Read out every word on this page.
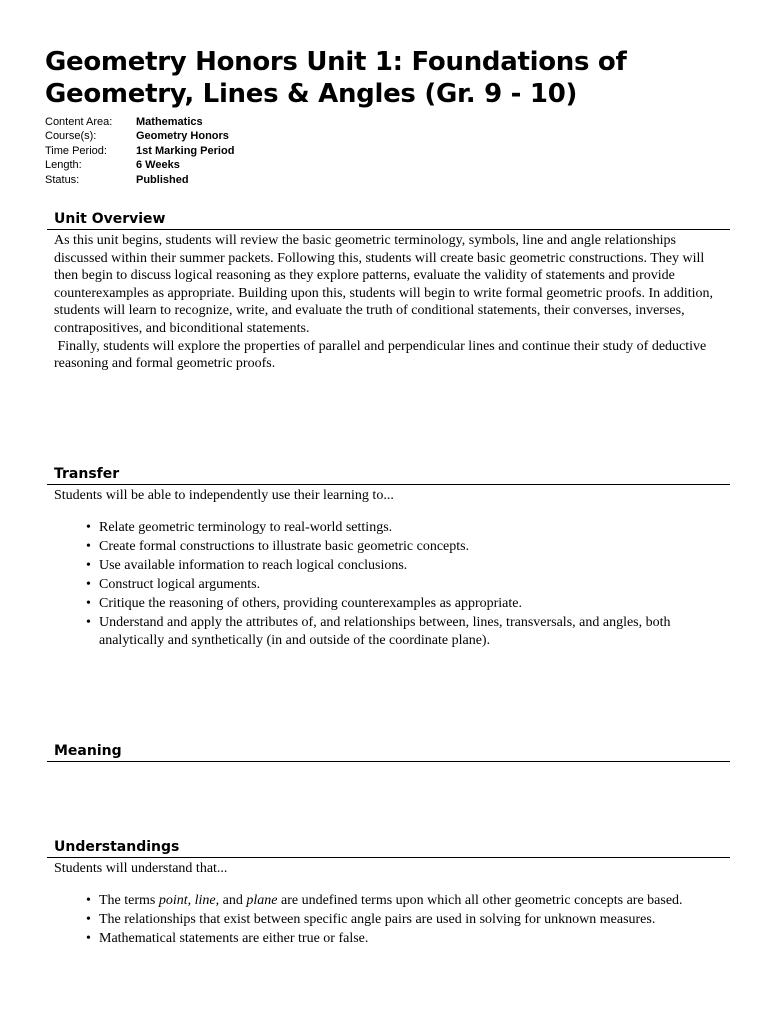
Geometry Honors Unit 1: Foundations of Geometry, Lines & Angles (Gr. 9 - 10)
Content Area:	Mathematics
Course(s):	Geometry Honors
Time Period:	1st Marking Period
Length:	6 Weeks
Status:	Published
Unit Overview
As this unit begins, students will review the basic geometric terminology, symbols, line and angle relationships discussed within their summer packets. Following this, students will create basic geometric constructions. They will then begin to discuss logical reasoning as they explore patterns, evaluate the validity of statements and provide counterexamples as appropriate. Building upon this, students will begin to write formal geometric proofs. In addition, students will learn to recognize, write, and evaluate the truth of conditional statements, their converses, inverses, contrapositives, and biconditional statements.
Finally, students will explore the properties of parallel and perpendicular lines and continue their study of deductive reasoning and formal geometric proofs.
Transfer
Students will be able to independently use their learning to...
• Relate geometric terminology to real-world settings.
• Create formal constructions to illustrate basic geometric concepts.
• Use available information to reach logical conclusions.
• Construct logical arguments.
• Critique the reasoning of others, providing counterexamples as appropriate.
• Understand and apply the attributes of, and relationships between, lines, transversals, and angles, both analytically and synthetically (in and outside of the coordinate plane).
Meaning
Understandings
Students will understand that...
• The terms point, line, and plane are undefined terms upon which all other geometric concepts are based.
• The relationships that exist between specific angle pairs are used in solving for unknown measures.
• Mathematical statements are either true or false.
